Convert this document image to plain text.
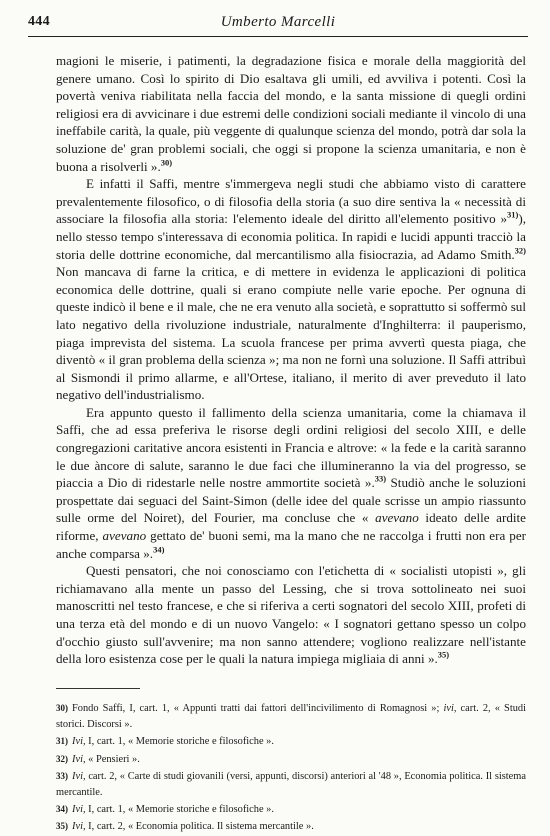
444	Umberto Marcelli

magioni le miserie, i patimenti, la degradazione fisica e morale della maggiorità del genere umano. Così lo spirito di Dio esaltava gli umili, ed avviliva i potenti. Così la povertà veniva riabilitata nella faccia del mondo, e la santa missione di quegli ordini religiosi era di avvicinare i due estremi delle condizioni sociali mediante il vincolo di una ineffabile carità, la quale, più veggente di qualunque scienza del mondo, potrà dar sola la soluzione de' gran problemi sociali, che oggi si propone la scienza umanitaria, e non è buona a risolverli ».$^{30)}$

E infatti il Saffi, mentre s'immergeva negli studi che abbiamo visto di carattere prevalentemente filosofico, o di filosofia della storia (a suo dire sentiva la « necessità di associare la filosofia alla storia: l'elemento ideale del diritto all'elemento positivo »$^{31)}$), nello stesso tempo s'interessava di economia politica. In rapidi e lucidi appunti tracciò la storia delle dottrine economiche, dal mercantilismo alla fisiocrazia, ad Adamo Smith.$^{32)}$ Non mancava di farne la critica, e di mettere in evidenza le applicazioni di politica economica delle dottrine, quali si erano compiute nelle varie epoche. Per ognuna di queste indicò il bene e il male, che ne era venuto alla società, e soprattutto si soffermò sul lato negativo della rivoluzione industriale, naturalmente d'Inghilterra: il pauperismo, piaga imprevista del sistema. La scuola francese per prima avvertì questa piaga, che diventò « il gran problema della scienza »; ma non ne fornì una soluzione. Il Saffi attribuì al Sismondi il primo allarme, e all'Ortese, italiano, il merito di aver preveduto il lato negativo dell'industrialismo.

Era appunto questo il fallimento della scienza umanitaria, come la chiamava il Saffi, che ad essa preferiva le risorse degli ordini religiosi del secolo XIII, e delle congregazioni caritative ancora esistenti in Francia e altrove: « la fede e la carità saranno le due àncore di salute, saranno le due faci che illumineranno la via del progresso, se piaccia a Dio di ridestarle nelle nostre ammortite società ».$^{33)}$ Studiò anche le soluzioni prospettate dai seguaci del Saint-Simon (delle idee del quale scrisse un ampio riassunto sulle orme del Noiret), del Fourier, ma concluse che « avevano ideato delle ardite riforme, avevano gettato de' buoni semi, ma la mano che ne raccolga i frutti non era per anche comparsa ».$^{34)}$

Questi pensatori, che noi conosciamo con l'etichetta di « socialisti utopisti », gli richiamavano alla mente un passo del Lessing, che si trova sottolineato nei suoi manoscritti nel testo francese, e che si riferiva a certi sognatori del secolo XIII, profeti di una terza età del mondo e di un nuovo Vangelo: « I sognatori gettano spesso un colpo d'occhio giusto sull'avvenire; ma non sanno attendere; vogliono realizzare nell'istante della loro esistenza cose per le quali la natura impiega migliaia di anni ».$^{35)}$

30) Fondo Saffi, I, cart. 1, « Appunti tratti dai fattori dell'incivilimento di Romagnosi »; ivi, cart. 2, « Studi storici. Discorsi ».

31) Ivi, I, cart. 1, « Memorie storiche e filosofiche ».

32) Ivi, « Pensieri ».

33) Ivi, cart. 2, « Carte di studi giovanili (versi, appunti, discorsi) anteriori al '48 », Economia politica. Il sistema mercantile.

34) Ivi, I, cart. 1, « Memorie storiche e filosofiche ».

35) Ivi, I, cart. 2, « Economia politica. Il sistema mercantile ».
